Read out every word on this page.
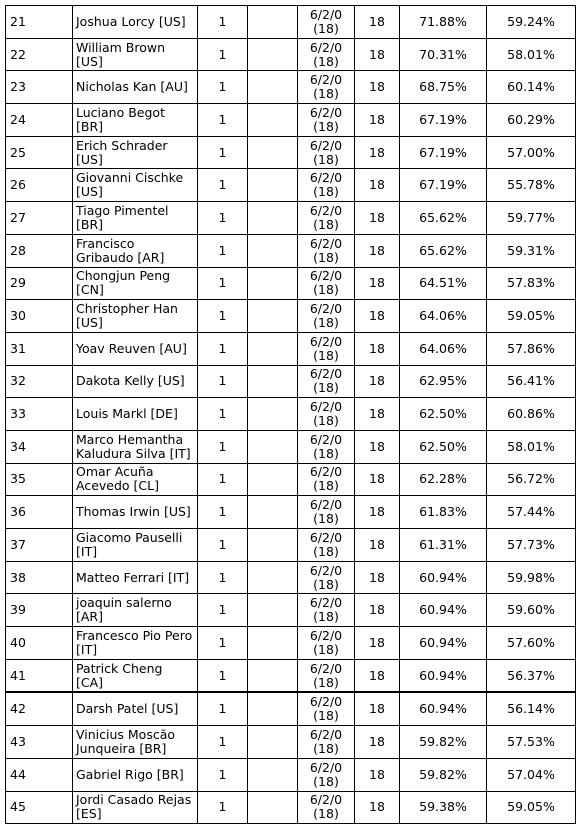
21	Joshua Lorcy [US]	1		6/2/0
(18)	18	71.88%	59.24%
22	William Brown [US]	1		6/2/0
(18)	18	70.31%	58.01%
23	Nicholas Kan [AU]	1		6/2/0
(18)	18	68.75%	60.14%
24	Luciano Begot [BR]	1		6/2/0
(18)	18	67.19%	60.29%
25	Erich Schrader [US]	1		6/2/0
(18)	18	67.19%	57.00%
26	Giovanni Cischke [US]	1		6/2/0
(18)	18	67.19%	55.78%
27	Tiago Pimentel [BR]	1		6/2/0
(18)	18	65.62%	59.77%
28	Francisco Gribaudo [AR]	1		6/2/0
(18)	18	65.62%	59.31%
29	Chongjun Peng [CN]	1		6/2/0
(18)	18	64.51%	57.83%
30	Christopher Han [US]	1		6/2/0
(18)	18	64.06%	59.05%
31	Yoav Reuven [AU]	1		6/2/0
(18)	18	64.06%	57.86%
32	Dakota Kelly [US]	1		6/2/0
(18)	18	62.95%	56.41%
33	Louis Markl [DE]	1		6/2/0
(18)	18	62.50%	60.86%
34	Marco Hemantha Kaludura Silva [IT]	1		6/2/0
(18)	18	62.50%	58.01%
35	Omar Acuña Acevedo [CL]	1		6/2/0
(18)	18	62.28%	56.72%
36	Thomas Irwin [US]	1		6/2/0
(18)	18	61.83%	57.44%
37	Giacomo Pauselli [IT]	1		6/2/0
(18)	18	61.31%	57.73%
38	Matteo Ferrari [IT]	1		6/2/0
(18)	18	60.94%	59.98%
39	joaquin salerno [AR]	1		6/2/0
(18)	18	60.94%	59.60%
40	Francesco Pio Pero [IT]	1		6/2/0
(18)	18	60.94%	57.60%
41	Patrick Cheng [CA]	1		6/2/0
(18)	18	60.94%	56.37%
42	Darsh Patel [US]	1		6/2/0
(18)	18	60.94%	56.14%
43	Vinicius Moscão Junqueira [BR]	1		6/2/0
(18)	18	59.82%	57.53%
44	Gabriel Rigo [BR]	1		6/2/0
(18)	18	59.82%	57.04%
45	Jordi Casado Rejas [ES]	1		6/2/0
(18)	18	59.38%	59.05%
